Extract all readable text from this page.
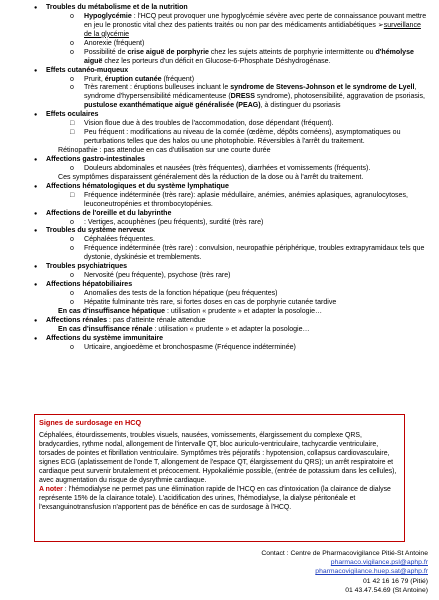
● Troubles du métabolisme et de la nutrition
o Hypoglycémie : l'HCQ peut provoquer une hypoglycémie sévère avec perte de connaissance pouvant mettre en jeu le pronostic vital chez des patients traités ou non par des médicaments antidiabétiques ➢surveillance de la glycémie
o Anorexie (fréquent)
o Possibilité de crise aiguë de porphyrie chez les sujets atteints de porphyrie intermittente ou d'hémolyse aiguë chez les porteurs d'un déficit en Glucose-6-Phosphate Déshydrogénase.
● Effets cutanéo-muqueux
o Prurit, éruption cutanée (fréquent)
o Très rarement : éruptions bulleuses incluant le syndrome de Stevens-Johnson et le syndrome de Lyell, syndrome d'hypersensibilité médicamenteuse (DRESS syndrome), photosensibilité, aggravation de psoriasis, pustulose exanthématique aiguë généralisée (PEAG), à distinguer du psoriasis
● Effets oculaires
□ Vision floue due à des troubles de l'accommodation, dose dépendant (fréquent).
□ Peu fréquent : modifications au niveau de la cornée (œdème, dépôts cornéens), asymptomatiques ou perturbations telles que des halos ou une photophobie. Réversibles à l'arrêt du traitement.
Rétinopathie : pas attendue en cas d'utilisation sur une courte durée
● Affections gastro-intestinales
o Douleurs abdominales et nausées (très fréquentes), diarrhées et vomissements (fréquents).
Ces symptômes disparaissent généralement dès la réduction de la dose ou à l'arrêt du traitement.
● Affections hématologiques et du système lymphatique
□ Fréquence indéterminée (très rare): aplasie médullaire, anémies, anémies aplasiques, agranulocytoses, leuconeutropénies et thrombocytopénies.
● Affections de l'oreille et du labyrinthe
o : Vertiges, acouphènes (peu fréquents), surdité (très rare)
● Troubles du système nerveux
o Céphalées fréquentes.
o Fréquence indéterminée (très rare) : convulsion, neuropathie périphérique, troubles extrapyramidaux tels que dystonie, dyskinésie et tremblements.
● Troubles psychiatriques
o Nervosité (peu fréquente), psychose (très rare)
● Affections hépatobiliaires
o Anomalies des tests de la fonction hépatique (peu fréquentes)
o Hépatite fulminante très rare, si fortes doses en cas de porphyrie cutanée tardive
En cas d'insuffisance hépatique : utilisation « prudente » et adapter la posologie…
● Affections rénales : pas d'atteinte rénale attendue
En cas d'insuffisance rénale : utilisation « prudente » et adapter la posologie…
● Affections du système immunitaire
o Urticaire, angioedème et bronchospasme (Fréquence indéterminée)
Signes de surdosage en HCQ

Céphalées, étourdissements, troubles visuels, nausées, vomissements, élargissement du complexe QRS, bradycardies, rythme nodal, allongement de l'intervalle QT, bloc auriculo-ventriculaire, tachycardie ventriculaire, torsades de pointes et fibrillation ventriculaire. Symptômes très péjoratifs : hypotension, collapsus cardiovasculaire, signes ECG (aplatissement de l'onde T, allongement de l'espace QT, élargissement du QRS); un arrêt respiratoire et cardiaque peut survenir brutalement et précocement. Hypokaliémie possible, (entrée de potassium dans les cellules), avec augmentation du risque de dysrythmie cardiaque.

A noter : l'hémodialyse ne permet pas une élimination rapide de l'HCQ en cas d'intoxication (la clairance de dialyse représente 15% de la clairance totale). L'acidification des urines, l'hémodialyse, la dialyse péritonéale et l'exsanguinotransfusion n'apportent pas de bénéfice en cas de surdosage à l'HCQ.

Contact : Centre de Pharmacovigilance Pitié-St Antoine
pharmaco.vigilance.psl@aphp.fr
pharmacovigilance.huep.sat@aphp.fr
01 42 16 16 79 (Pitié)
01 43.47.54.69 (St Antoine)
